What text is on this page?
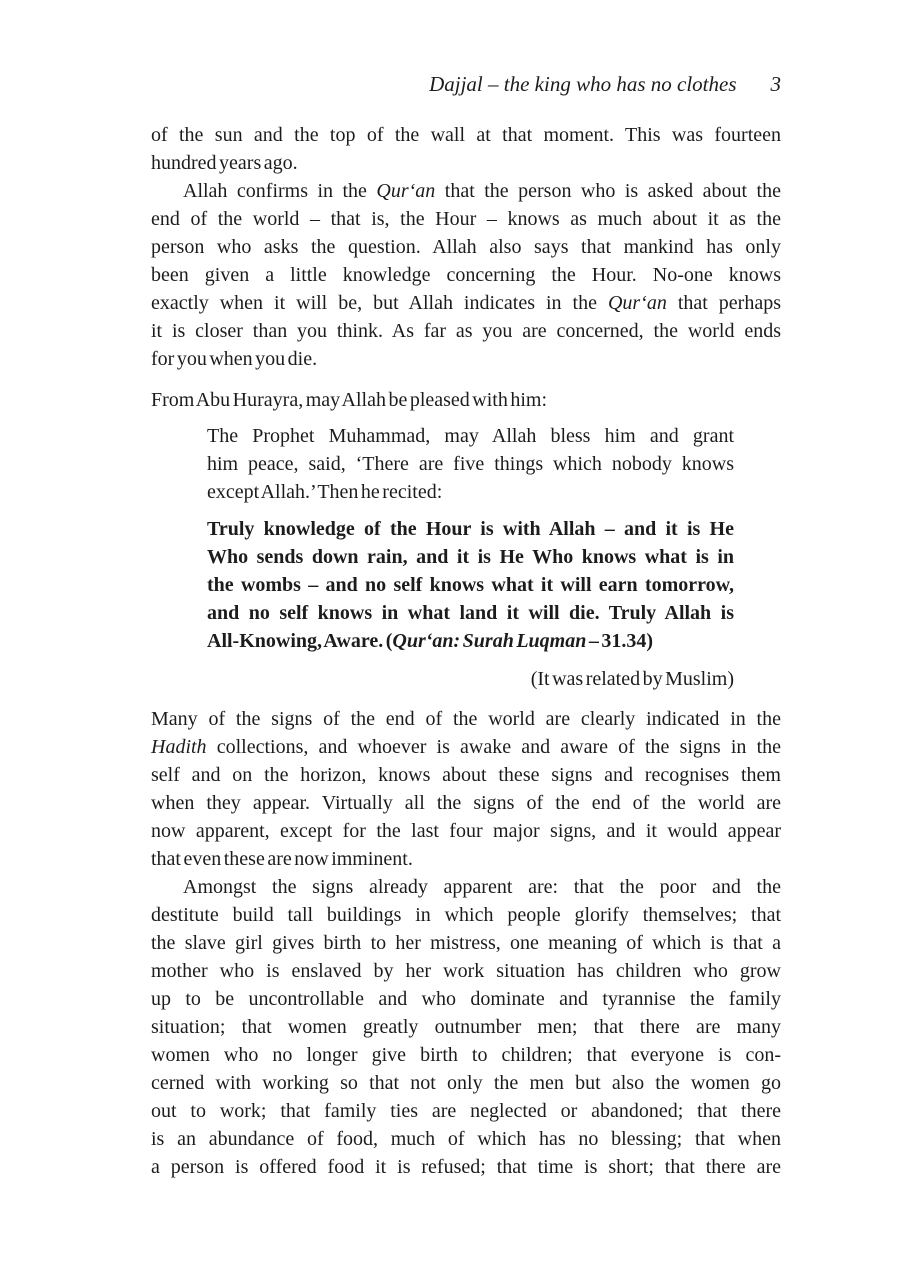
Dajjal – the king who has no clothes 3
of the sun and the top of the wall at that moment. This was fourteen
hundred years ago.
Allah confirms in the Qur‘an that the person who is asked about the
end of the world – that is, the Hour – knows as much about it as the
person who asks the question. Allah also says that mankind has only
been given a little knowledge concerning the Hour. No-one knows
exactly when it will be, but Allah indicates in the Qur‘an that perhaps
it is closer than you think. As far as you are concerned, the world ends
for you when you die.
From Abu Hurayra, may Allah be pleased with him:
The Prophet Muhammad, may Allah bless him and grant
him peace, said, ‘There are five things which nobody knows
except Allah.’ Then he recited:
Truly knowledge of the Hour is with Allah – and it is He
Who sends down rain, and it is He Who knows what is in
the wombs – and no self knows what it will earn tomorrow,
and no self knows in what land it will die. Truly Allah is
All-Knowing, Aware. (Qur‘an: Surah Luqman – 31.34)
(It was related by Muslim)
Many of the signs of the end of the world are clearly indicated in the
Hadith collections, and whoever is awake and aware of the signs in the
self and on the horizon, knows about these signs and recognises them
when they appear. Virtually all the signs of the end of the world are
now apparent, except for the last four major signs, and it would appear
that even these are now imminent.
Amongst the signs already apparent are: that the poor and the
destitute build tall buildings in which people glorify themselves; that
the slave girl gives birth to her mistress, one meaning of which is that a
mother who is enslaved by her work situation has children who grow
up to be uncontrollable and who dominate and tyrannise the family
situation; that women greatly outnumber men; that there are many
women who no longer give birth to children; that everyone is con-
cerned with working so that not only the men but also the women go
out to work; that family ties are neglected or abandoned; that there
is an abundance of food, much of which has no blessing; that when
a person is offered food it is refused; that time is short; that there are
